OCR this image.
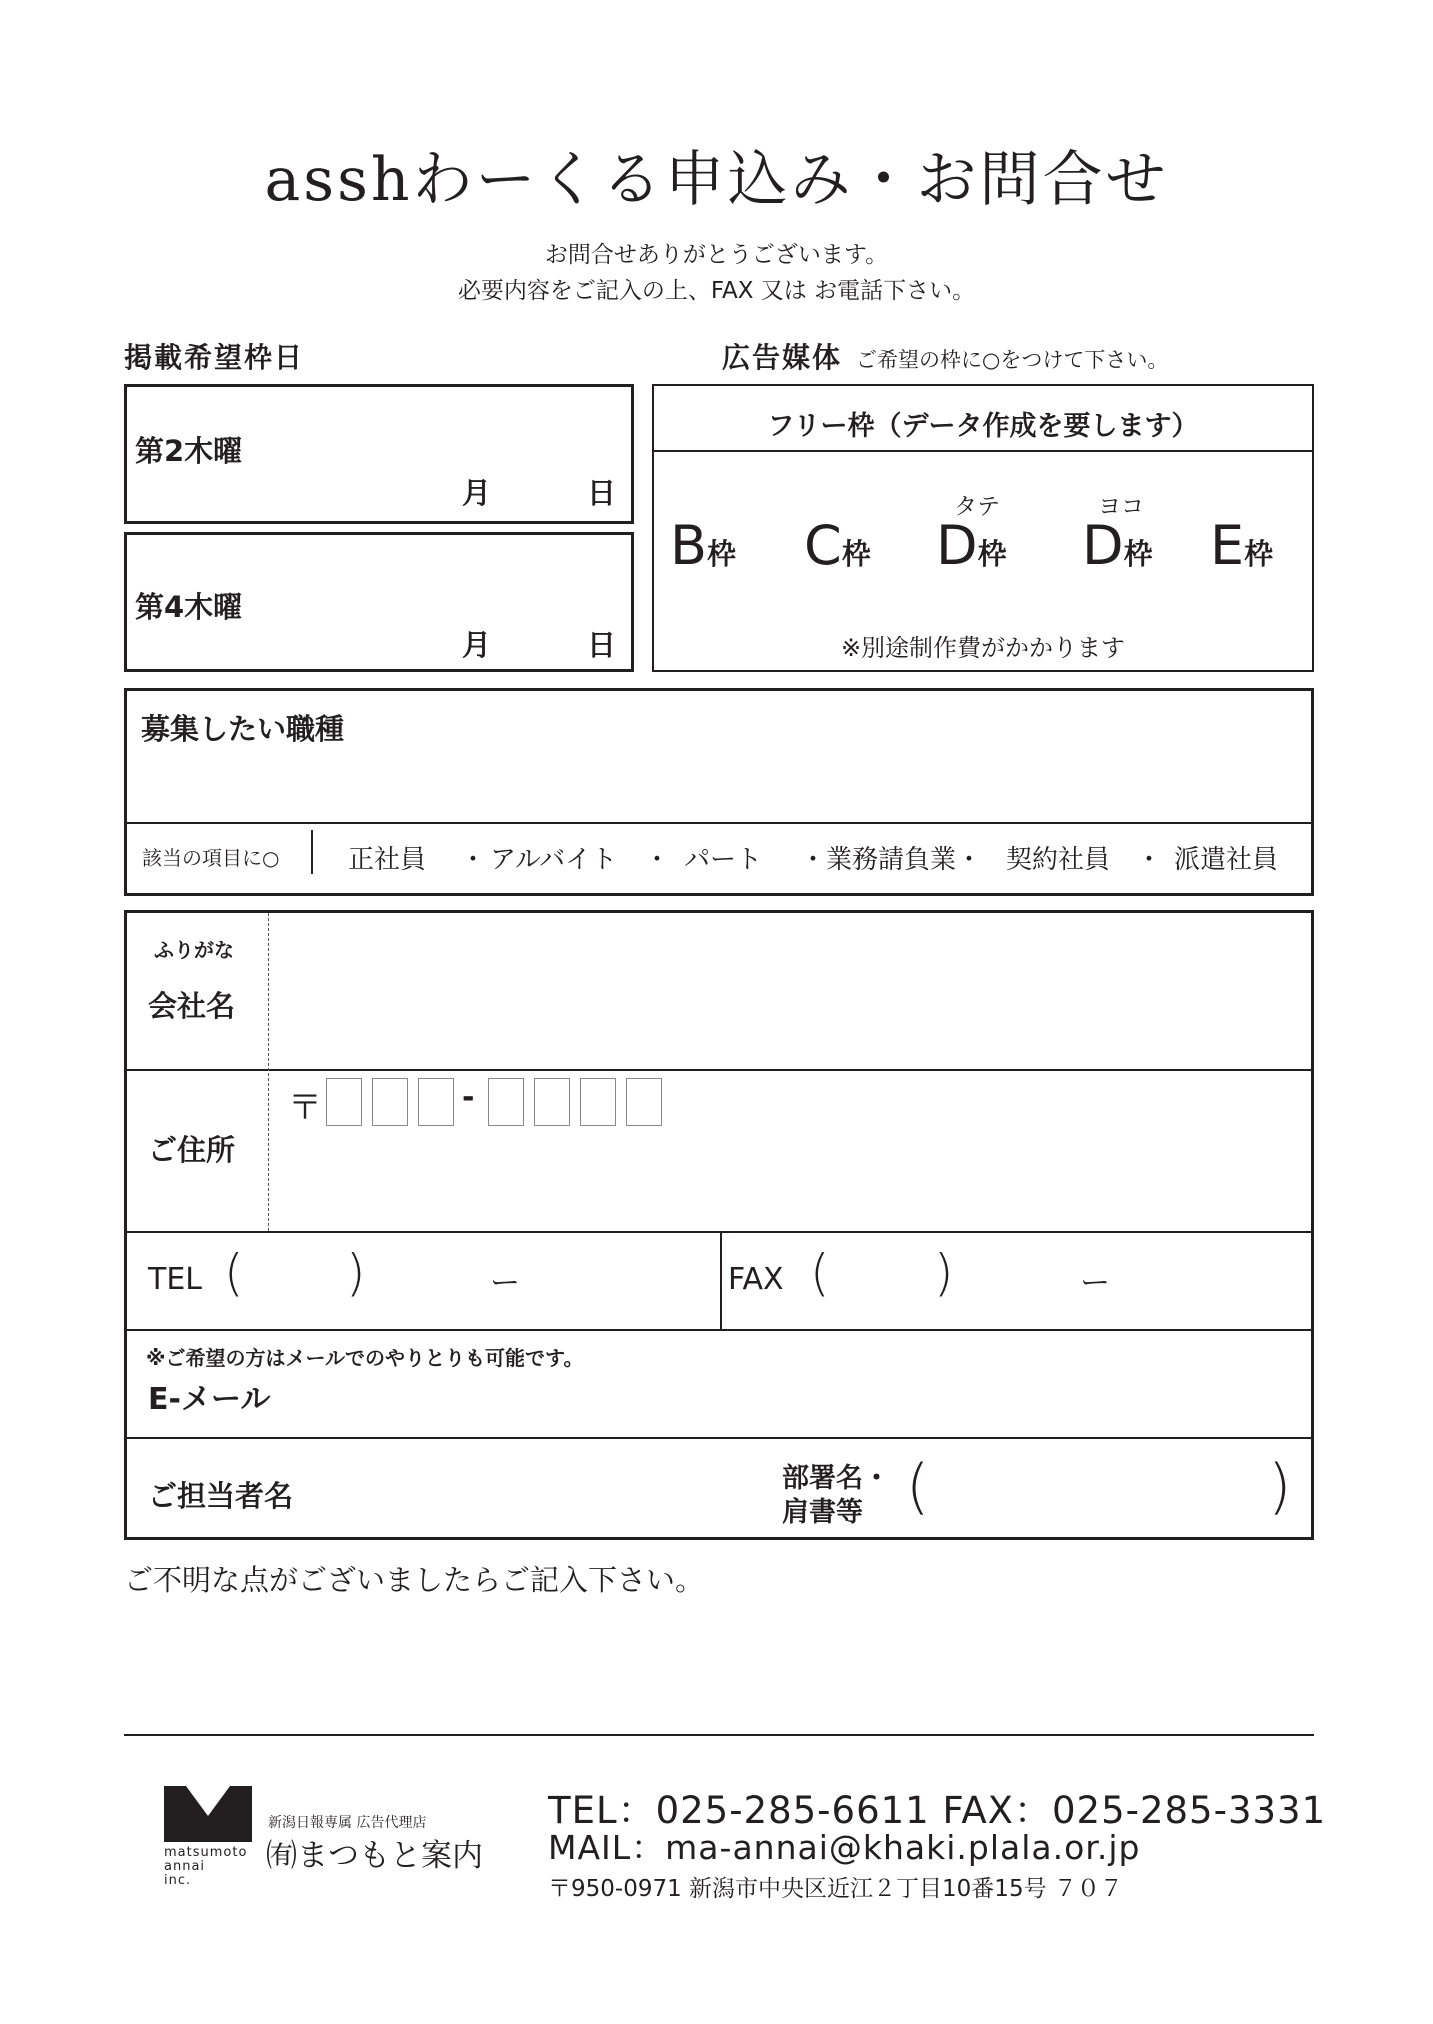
asshわーくる申込み・お問合せ
お問合せありがとうございます。
必要内容をご記入の上、FAX 又は お電話下さい。
掲載希望枠日	広告媒体 ご希望の枠に○をつけて下さい。
第2木曜
月	日
第4木曜
月	日
フリー枠（データ作成を要します）
タテ	ヨコ
B枠 C枠 D枠 D枠 E枠
※別途制作費がかかります
募集したい職種
該当の項目に○	正社員 ・ アルバイト ・ パート ・業務請負業・ 契約社員 ・ 派遣社員
ふりがな
会社名
ご住所
〒	-
TEL ( )	ー	FAX ( )	ー
※ご希望の方はメールでのやりとりも可能です。
E-メール
ご担当者名
部署名・
肩書等 (	)
ご不明な点がございましたらご記入下さい。
matsumoto
annai
inc.
新潟日報専属 広告代理店
㈲まつもと案内
TEL：025-285-6611 FAX：025-285-3331
MAIL：ma-annai@khaki.plala.or.jp
〒950-0971 新潟市中央区近江２丁目10番15号 ７０７
